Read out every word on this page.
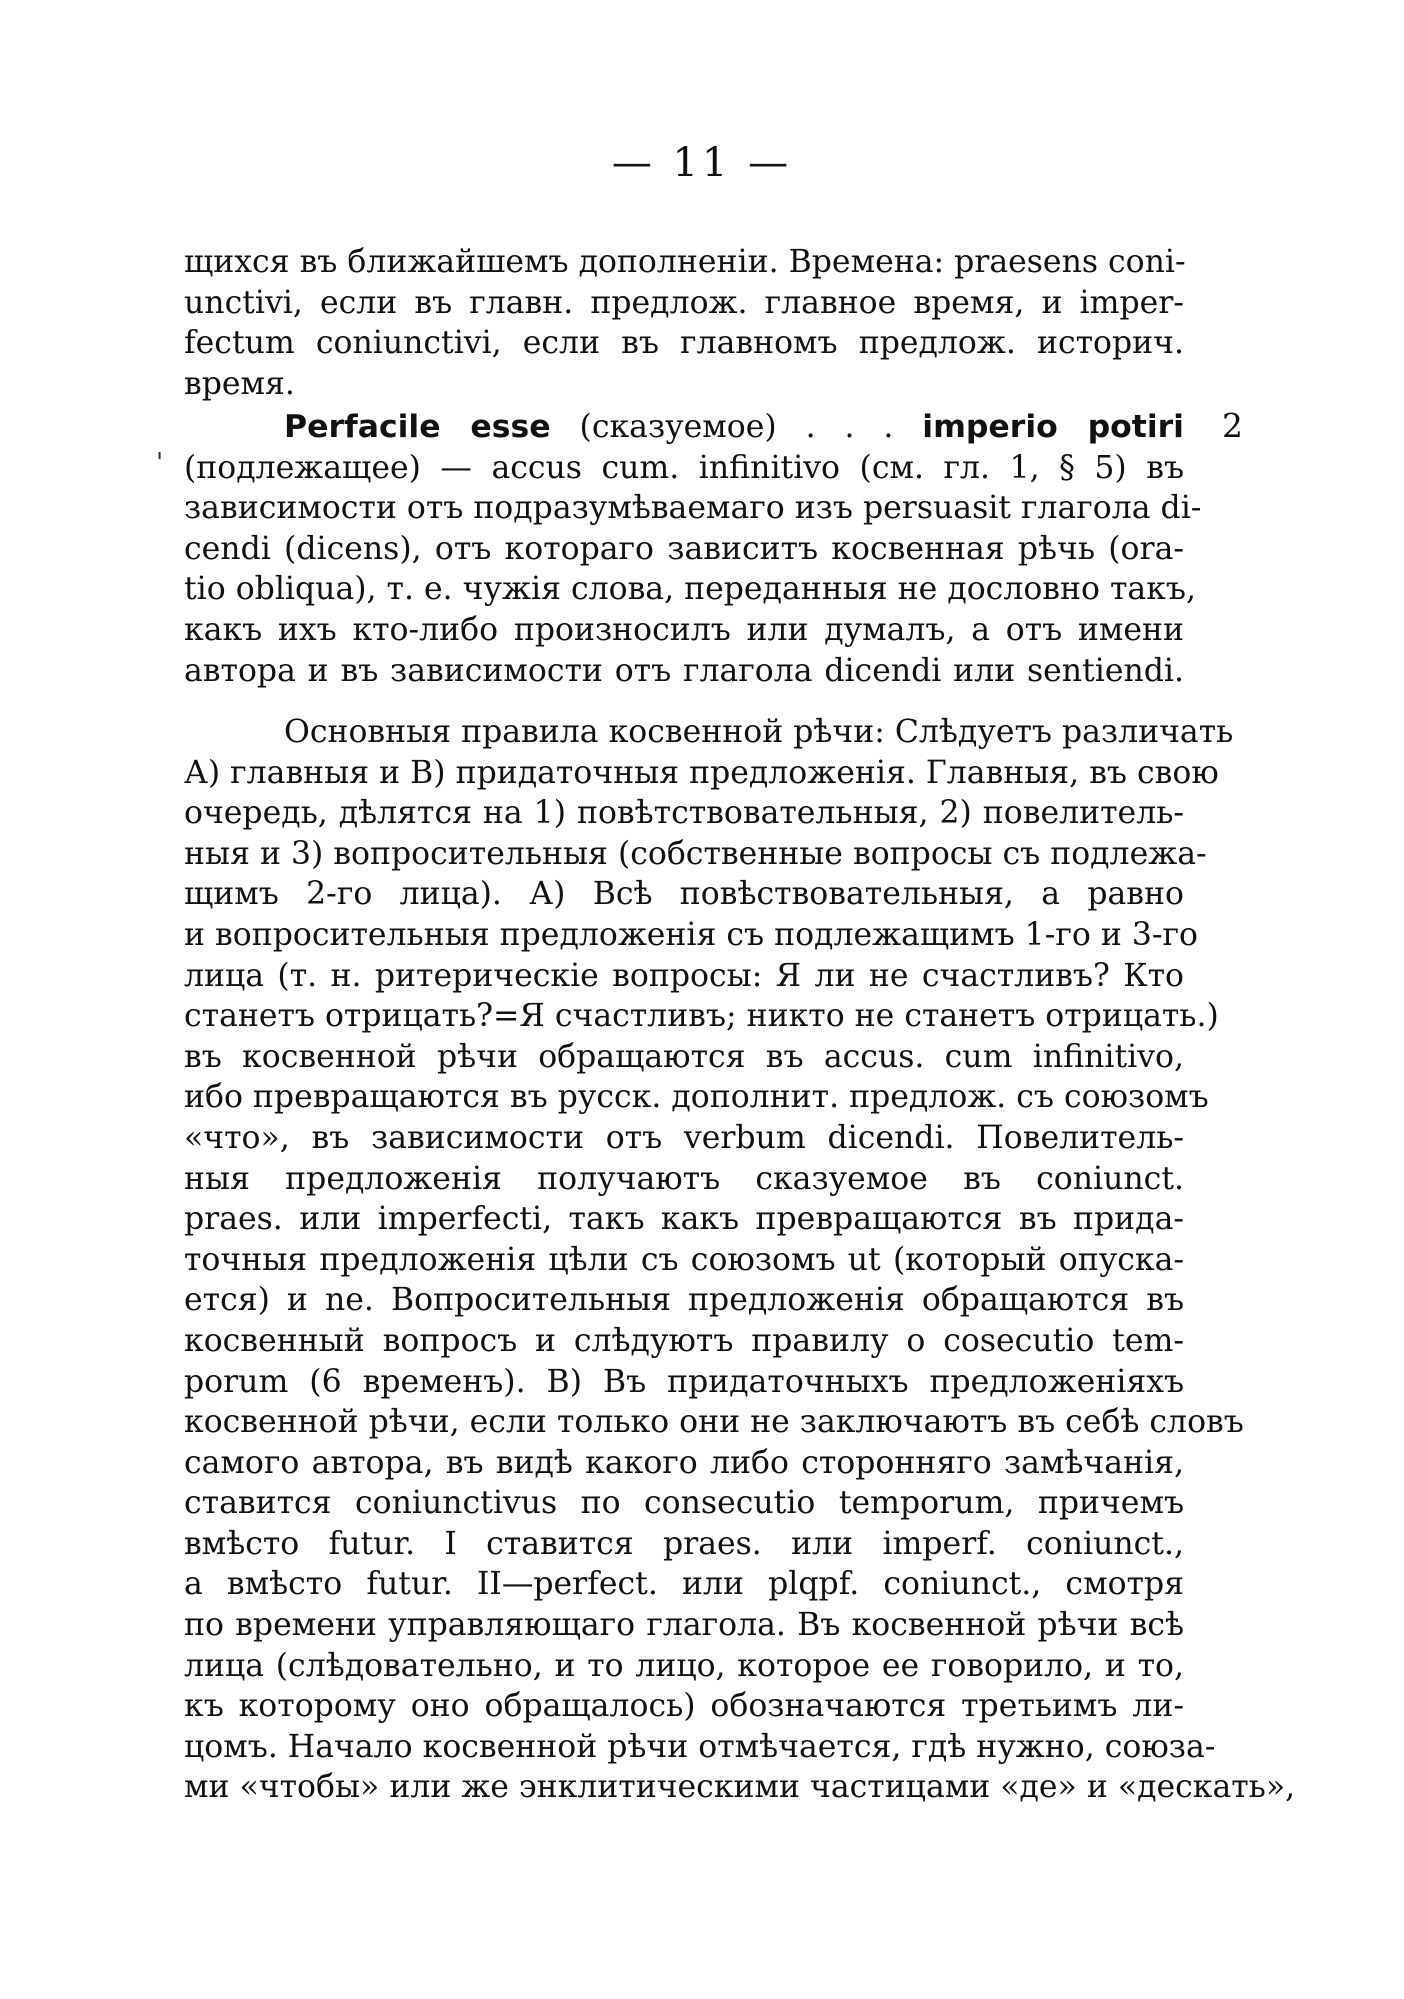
— 11 —
щихся въ ближайшемъ дополненіи. Времена: praesens coni-
unctivi, если въ главн. предлож. главное время, и imper-
fectum coniunctivi, если въ главномъ предлож. историч.
время.
2
'
Perfacile esse (сказуемое) . . . imperio potiri
(подлежащее) — accus cum. infinitivo (см. гл. 1, § 5) въ
зависимости отъ подразумѣваемаго изъ persuasit глагола di-
cendi (dicens), отъ котораго зависитъ косвенная рѣчь (ora-
tio obliqua), т. е. чужія слова, переданныя не дословно такъ,
какъ ихъ кто-либо произносилъ или думалъ, а отъ имени
автора и въ зависимости отъ глагола dicendi или sentiendi.
Основныя правила косвенной рѣчи: Слѣдуетъ различать
А) главныя и В) придаточныя предложенія. Главныя, въ свою
очередь, дѣлятся на 1) повѣтствовательныя, 2) повелитель-
ныя и 3) вопросительныя (собственные вопросы съ подлежа-
щимъ 2-го лица). А) Всѣ повѣствовательныя, а равно
и вопросительныя предложенія съ подлежащимъ 1-го и 3-го
лица (т. н. ритерическіе вопросы: Я ли не счастливъ? Кто
станетъ отрицать?=Я счастливъ; никто не станетъ отрицать.)
въ косвенной рѣчи обращаются въ accus. cum infinitivo,
ибо превращаются въ русск. дополнит. предлож. съ союзомъ
«что», въ зависимости отъ verbum dicendi. Повелитель-
ныя предложенія получаютъ сказуемое въ coniunct.
praes. или imperfecti, такъ какъ превращаются въ прида-
точныя предложенія цѣли съ союзомъ ut (который опуска-
ется) и ne. Вопросительныя предложенія обращаются въ
косвенный вопросъ и слѣдуютъ правилу о cosecutio tem-
porum (6 временъ). В) Въ придаточныхъ предложеніяхъ
косвенной рѣчи, если только они не заключаютъ въ себѣ словъ
самого автора, въ видѣ какого либо сторонняго замѣчанія,
ставится coniunctivus по consecutio temporum, причемъ
вмѣсто futur. I ставится praes. или imperf. coniunct.,
а вмѣсто futur. II—perfect. или plqpf. coniunct., смотря
по времени управляющаго глагола. Въ косвенной рѣчи всѣ
лица (слѣдовательно, и то лицо, которое ее говорило, и то,
къ которому оно обращалось) обозначаются третьимъ ли-
цомъ. Начало косвенной рѣчи отмѣчается, гдѣ нужно, союза-
ми «чтобы» или же энклитическими частицами «де» и «дескать»,
